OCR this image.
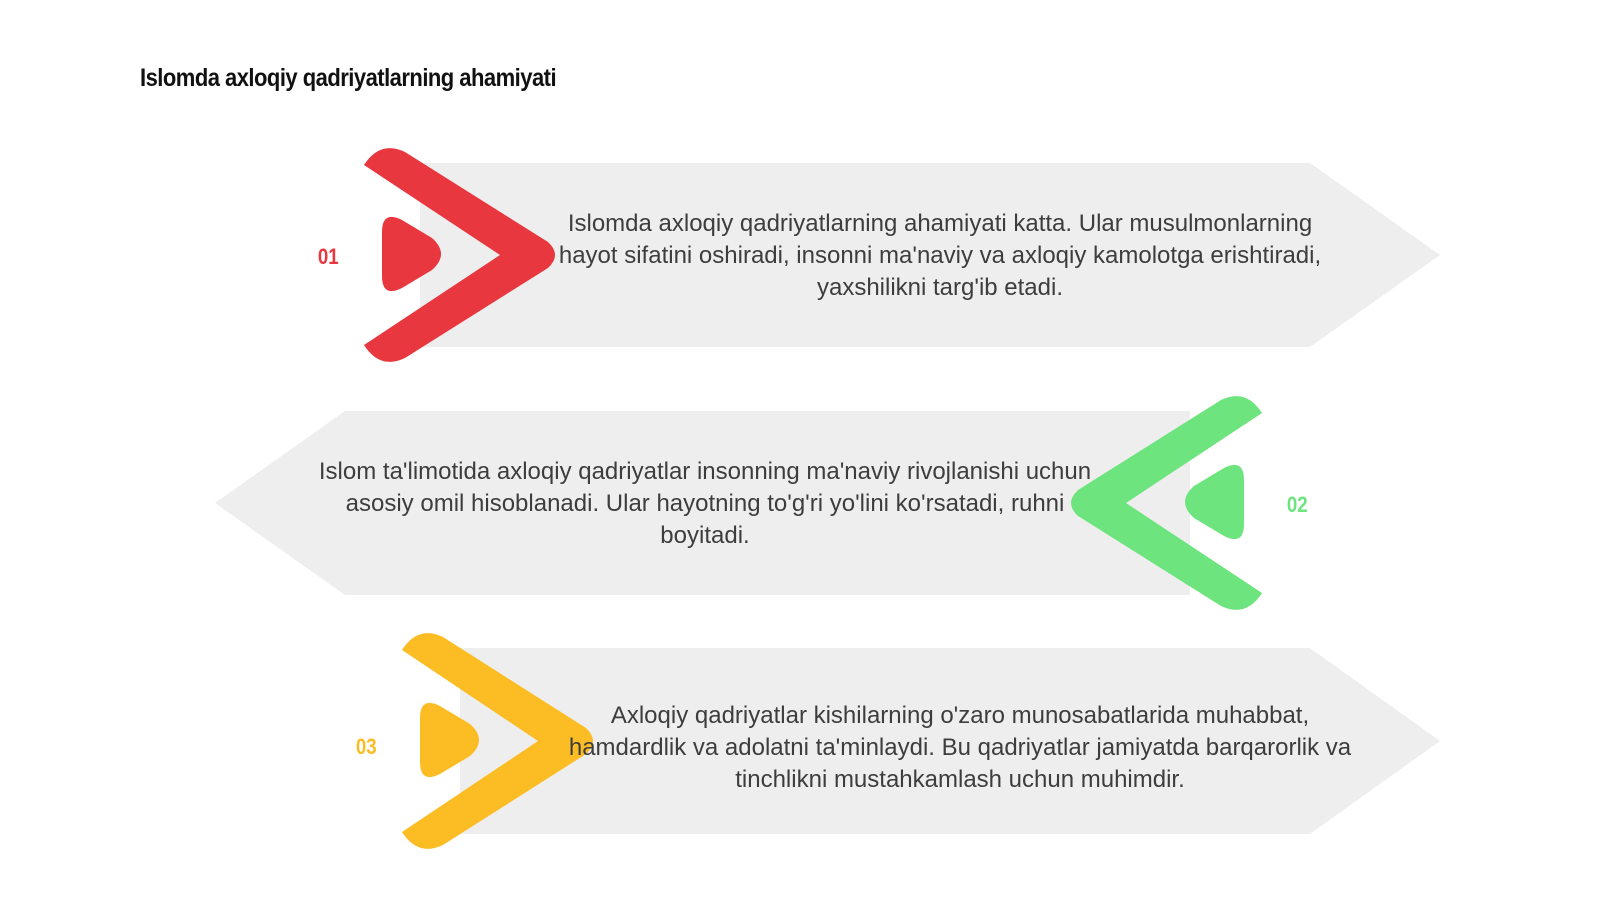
Islomda axloqiy qadriyatlarning ahamiyati
01
02
03

Islomda axloqiy qadriyatlarning ahamiyati katta. Ular musulmonlarning hayot sifatini oshiradi, insonni ma'naviy va axloqiy kamolotga erishtiradi, yaxshilikni targ'ib etadi.

Islom ta'limotida axloqiy qadriyatlar insonning ma'naviy rivojlanishi uchun asosiy omil hisoblanadi. Ular hayotning to'g'ri yo'lini ko'rsatadi, ruhni boyitadi.

Axloqiy qadriyatlar kishilarning o'zaro munosabatlarida muhabbat, hamdardlik va adolatni ta'minlaydi. Bu qadriyatlar jamiyatda barqarorlik va tinchlikni mustahkamlash uchun muhimdir.
